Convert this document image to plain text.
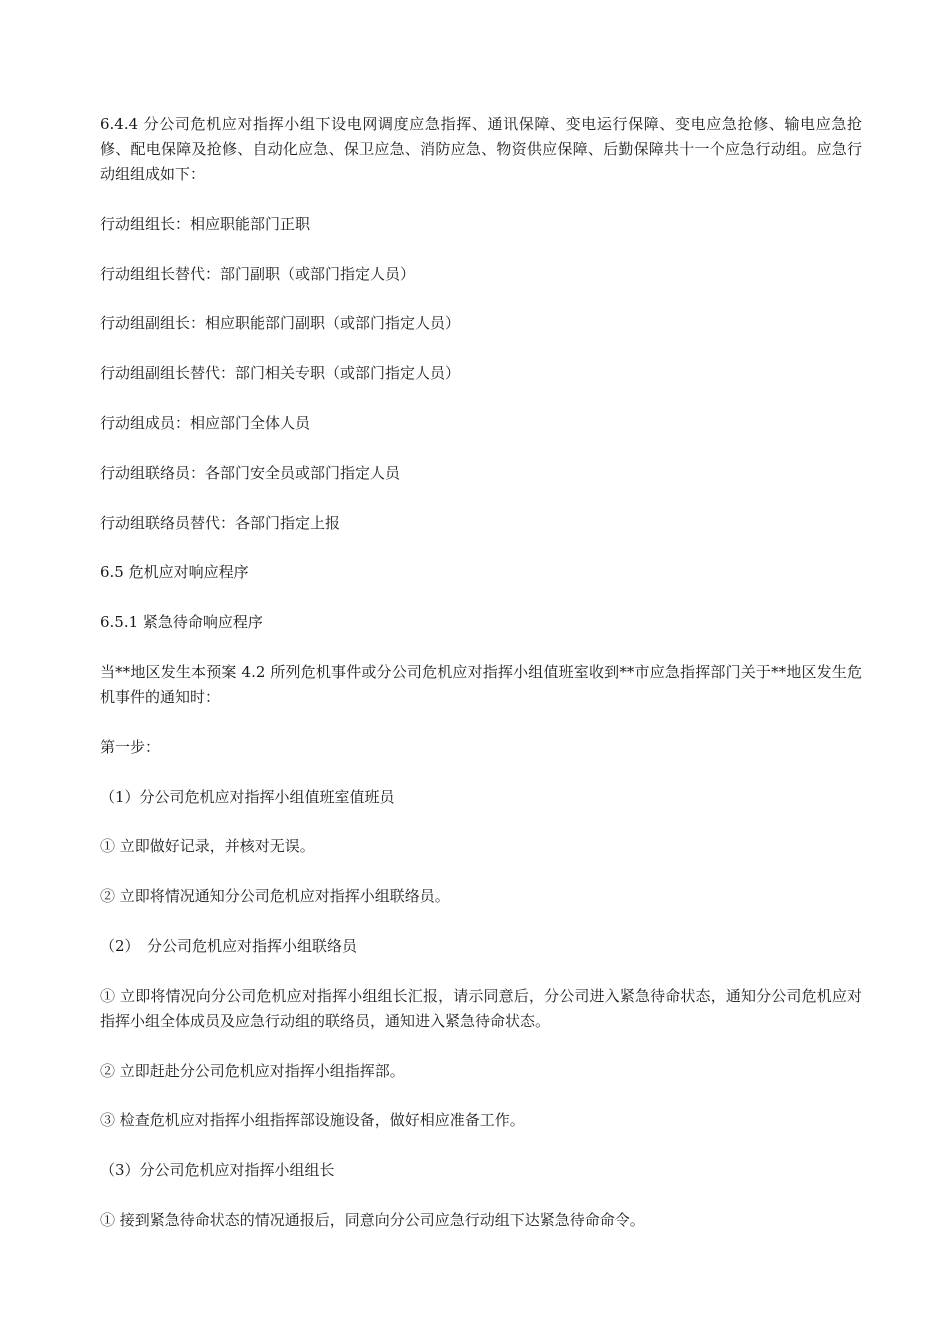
6.4.4 分公司危机应对指挥小组下设电网调度应急指挥、通讯保障、变电运行保障、变电应急抢修、输电应急抢修、配电保障及抢修、自动化应急、保卫应急、消防应急、物资供应保障、后勤保障共十一个应急行动组。应急行动组组成如下：

行动组组长：相应职能部门正职

行动组组长替代：部门副职（或部门指定人员）

行动组副组长：相应职能部门副职（或部门指定人员）

行动组副组长替代：部门相关专职（或部门指定人员）

行动组成员：相应部门全体人员

行动组联络员：各部门安全员或部门指定人员

行动组联络员替代：各部门指定上报

6.5 危机应对响应程序

6.5.1 紧急待命响应程序

当**地区发生本预案 4.2 所列危机事件或分公司危机应对指挥小组值班室收到**市应急指挥部门关于**地区发生危机事件的通知时：

第一步：

（1）分公司危机应对指挥小组值班室值班员

① 立即做好记录，并核对无误。

② 立即将情况通知分公司危机应对指挥小组联络员。

（2）　分公司危机应对指挥小组联络员

① 立即将情况向分公司危机应对指挥小组组长汇报，请示同意后，分公司进入紧急待命状态，通知分公司危机应对指挥小组全体成员及应急行动组的联络员，通知进入紧急待命状态。

② 立即赶赴分公司危机应对指挥小组指挥部。

③ 检查危机应对指挥小组指挥部设施设备，做好相应准备工作。

（3）分公司危机应对指挥小组组长

① 接到紧急待命状态的情况通报后，同意向分公司应急行动组下达紧急待命命令。
